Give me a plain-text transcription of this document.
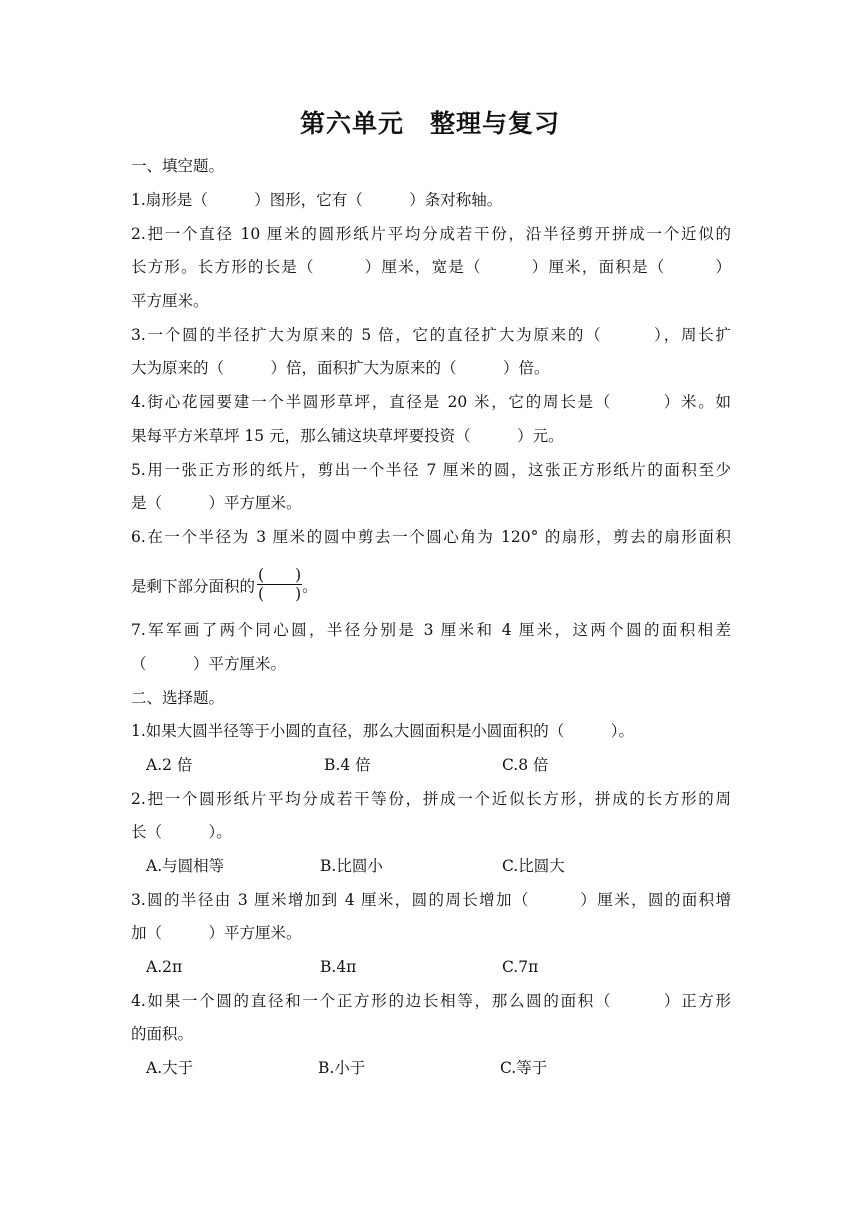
第六单元　整理与复习
一、填空题。
1.扇形是（　　　）图形，它有（　　　）条对称轴。
2.把一个直径 10 厘米的圆形纸片平均分成若干份，沿半径剪开拼成一个近似的
长方形。长方形的长是（　　　）厘米，宽是（　　　）厘米，面积是（　　　）
平方厘米。
3.一个圆的半径扩大为原来的 5 倍，它的直径扩大为原来的（　　　），周长扩
大为原来的（　　　）倍，面积扩大为原来的（　　　）倍。
4.街心花园要建一个半圆形草坪，直径是 20 米，它的周长是（　　　）米。如
果每平方米草坪 15 元，那么铺这块草坪要投资（　　　）元。
5.用一张正方形的纸片，剪出一个半径 7 厘米的圆，这张正方形纸片的面积至少
是（　　　）平方厘米。
6.在一个半径为 3 厘米的圆中剪去一个圆心角为 120° 的扇形，剪去的扇形面积
是剩下部分面积的 $\frac{( )}{( )}$ 。
7.军军画了两个同心圆，半径分别是 3 厘米和 4 厘米，这两个圆的面积相差
（　　　）平方厘米。
二、选择题。
1.如果大圆半径等于小圆的直径，那么大圆面积是小圆面积的（　　　）。
A.2 倍	B.4 倍	C.8 倍
2.把一个圆形纸片平均分成若干等份，拼成一个近似长方形，拼成的长方形的周
长（　　　）。
A.与圆相等	B.比圆小	C.比圆大
3.圆的半径由 3 厘米增加到 4 厘米，圆的周长增加（　　　）厘米，圆的面积增
加（　　　）平方厘米。
A.2π	B.4π	C.7π
4.如果一个圆的直径和一个正方形的边长相等，那么圆的面积（　　　）正方形
的面积。
A.大于	B.小于	C.等于
